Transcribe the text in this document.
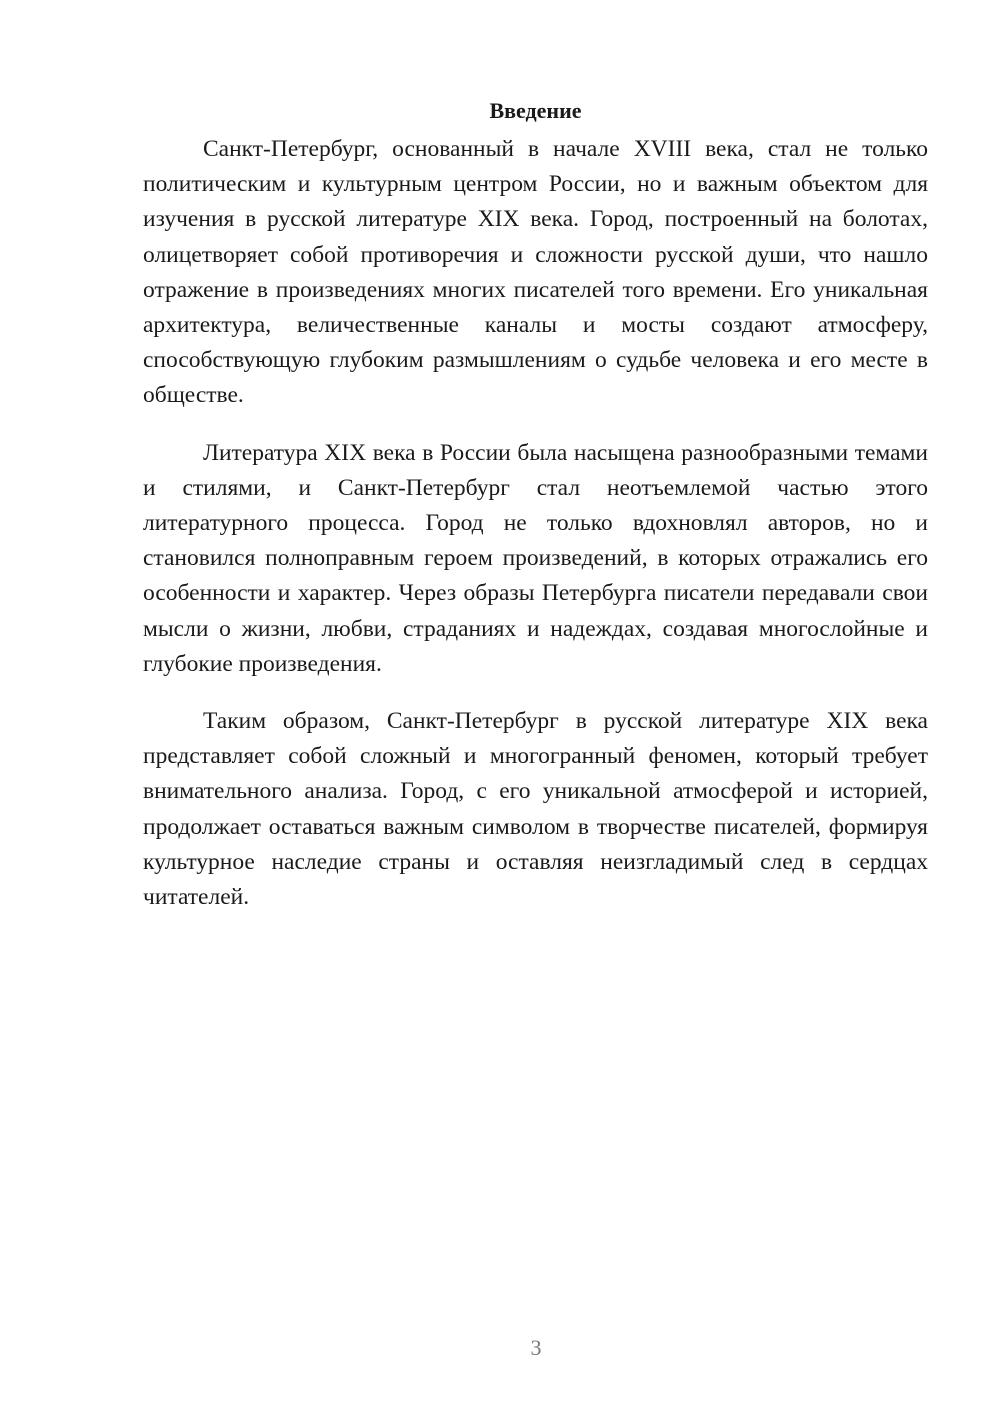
Введение

Санкт-Петербург, основанный в начале XVIII века, стал не только политическим и культурным центром России, но и важным объектом для изучения в русской литературе XIX века. Город, построенный на болотах, олицетворяет собой противоречия и сложности русской души, что нашло отражение в произведениях многих писателей того времени. Его уникальная архитектура, величественные каналы и мосты создают атмосферу, способствующую глубоким размышлениям о судьбе человека и его месте в обществе.

Литература XIX века в России была насыщена разнообразными темами и стилями, и Санкт-Петербург стал неотъемлемой частью этого литературного процесса. Город не только вдохновлял авторов, но и становился полноправным героем произведений, в которых отражались его особенности и характер. Через образы Петербурга писатели передавали свои мысли о жизни, любви, страданиях и надеждах, создавая многослойные и глубокие произведения.

Таким образом, Санкт-Петербург в русской литературе XIX века представляет собой сложный и многогранный феномен, который требует внимательного анализа. Город, с его уникальной атмосферой и историей, продолжает оставаться важным символом в творчестве писателей, формируя культурное наследие страны и оставляя неизгладимый след в сердцах читателей.

3
